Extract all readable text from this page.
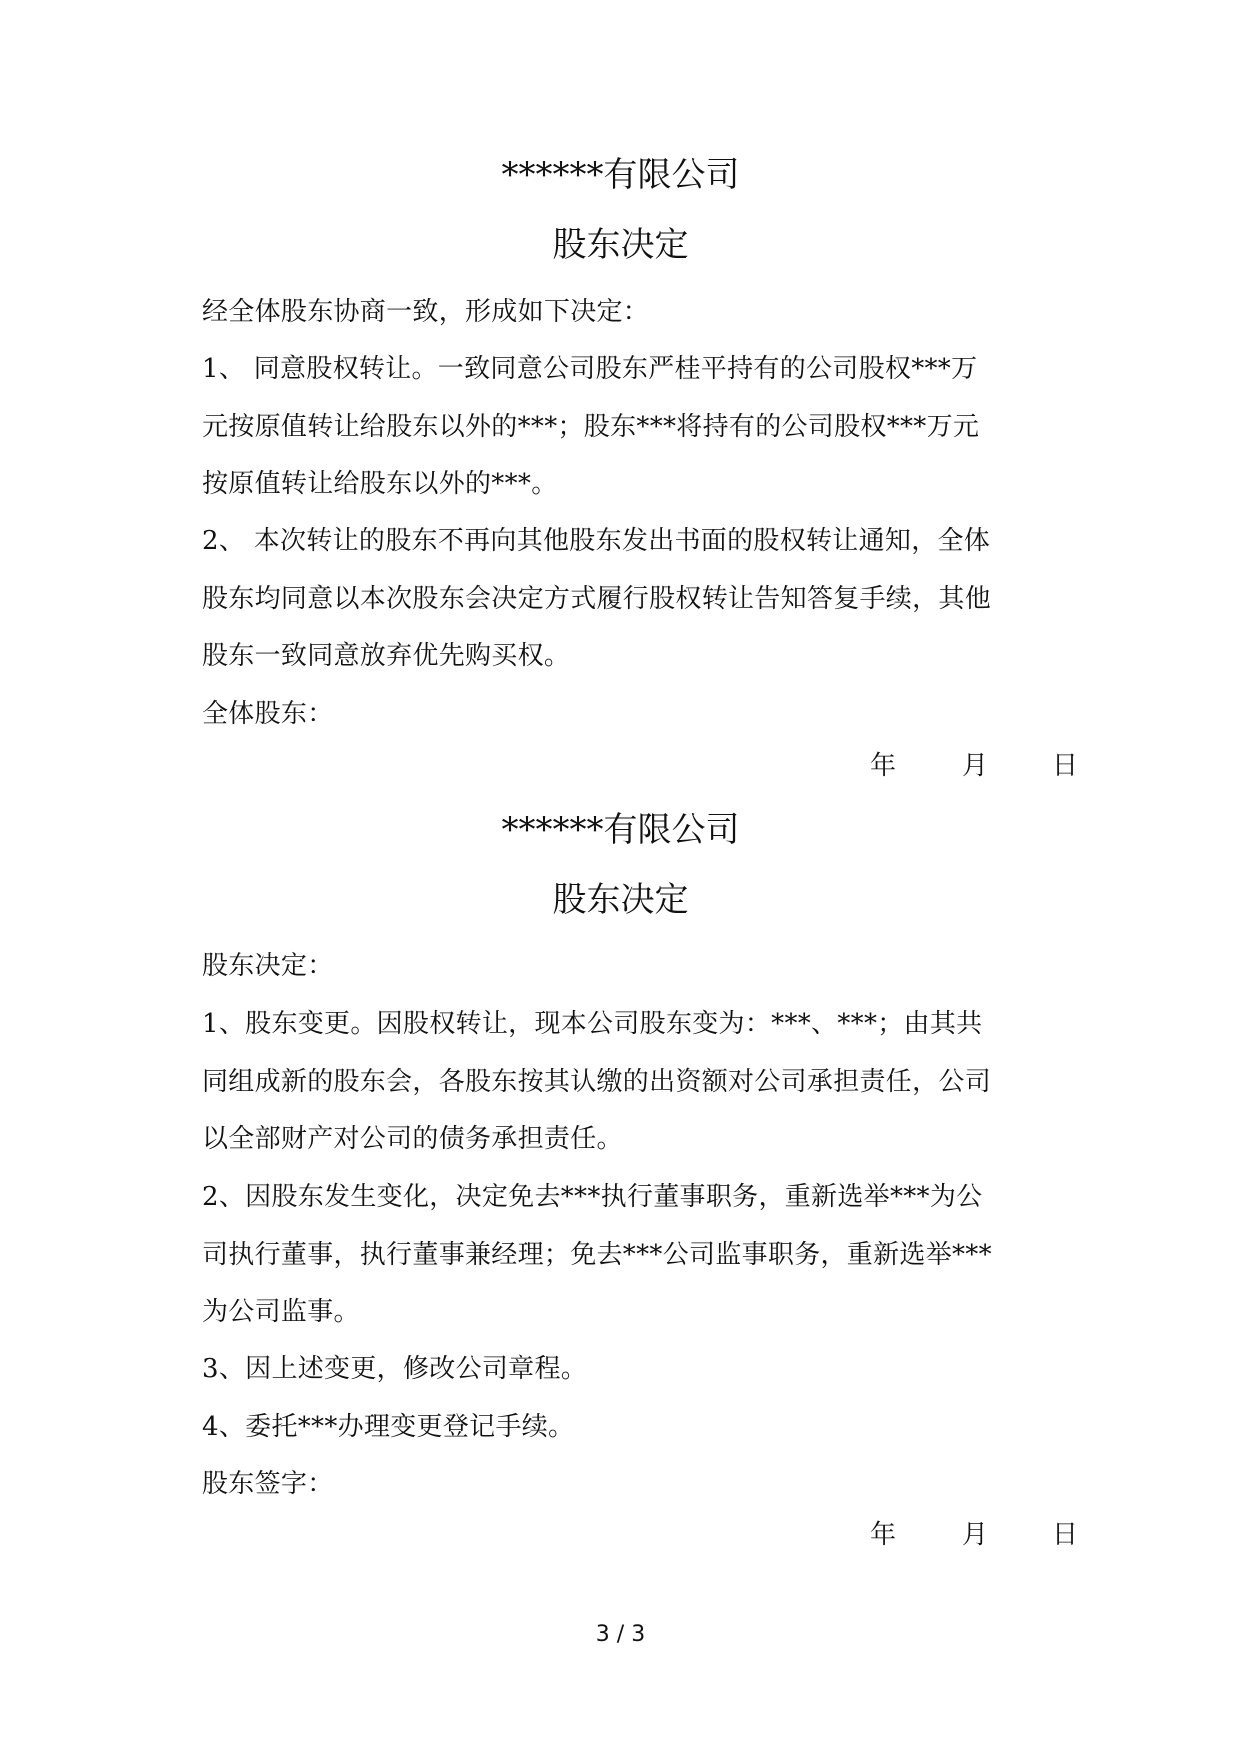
******有限公司
股东决定
经全体股东协商一致，形成如下决定：
1、 同意股权转让。一致同意公司股东严桂平持有的公司股权***万
元按原值转让给股东以外的***；股东***将持有的公司股权***万元
按原值转让给股东以外的***。
2、 本次转让的股东不再向其他股东发出书面的股权转让通知，全体
股东均同意以本次股东会决定方式履行股权转让告知答复手续，其他
股东一致同意放弃优先购买权。
全体股东：
年	月 日
******有限公司
股东决定
股东决定：
1、股东变更。因股权转让，现本公司股东变为：***、***；由其共
同组成新的股东会，各股东按其认缴的出资额对公司承担责任，公司
以全部财产对公司的债务承担责任。
2、因股东发生变化，决定免去***执行董事职务，重新选举***为公
司执行董事，执行董事兼经理；免去***公司监事职务，重新选举***
为公司监事。
3、因上述变更，修改公司章程。
4、委托***办理变更登记手续。
股东签字：
年	月 日
3 / 3
